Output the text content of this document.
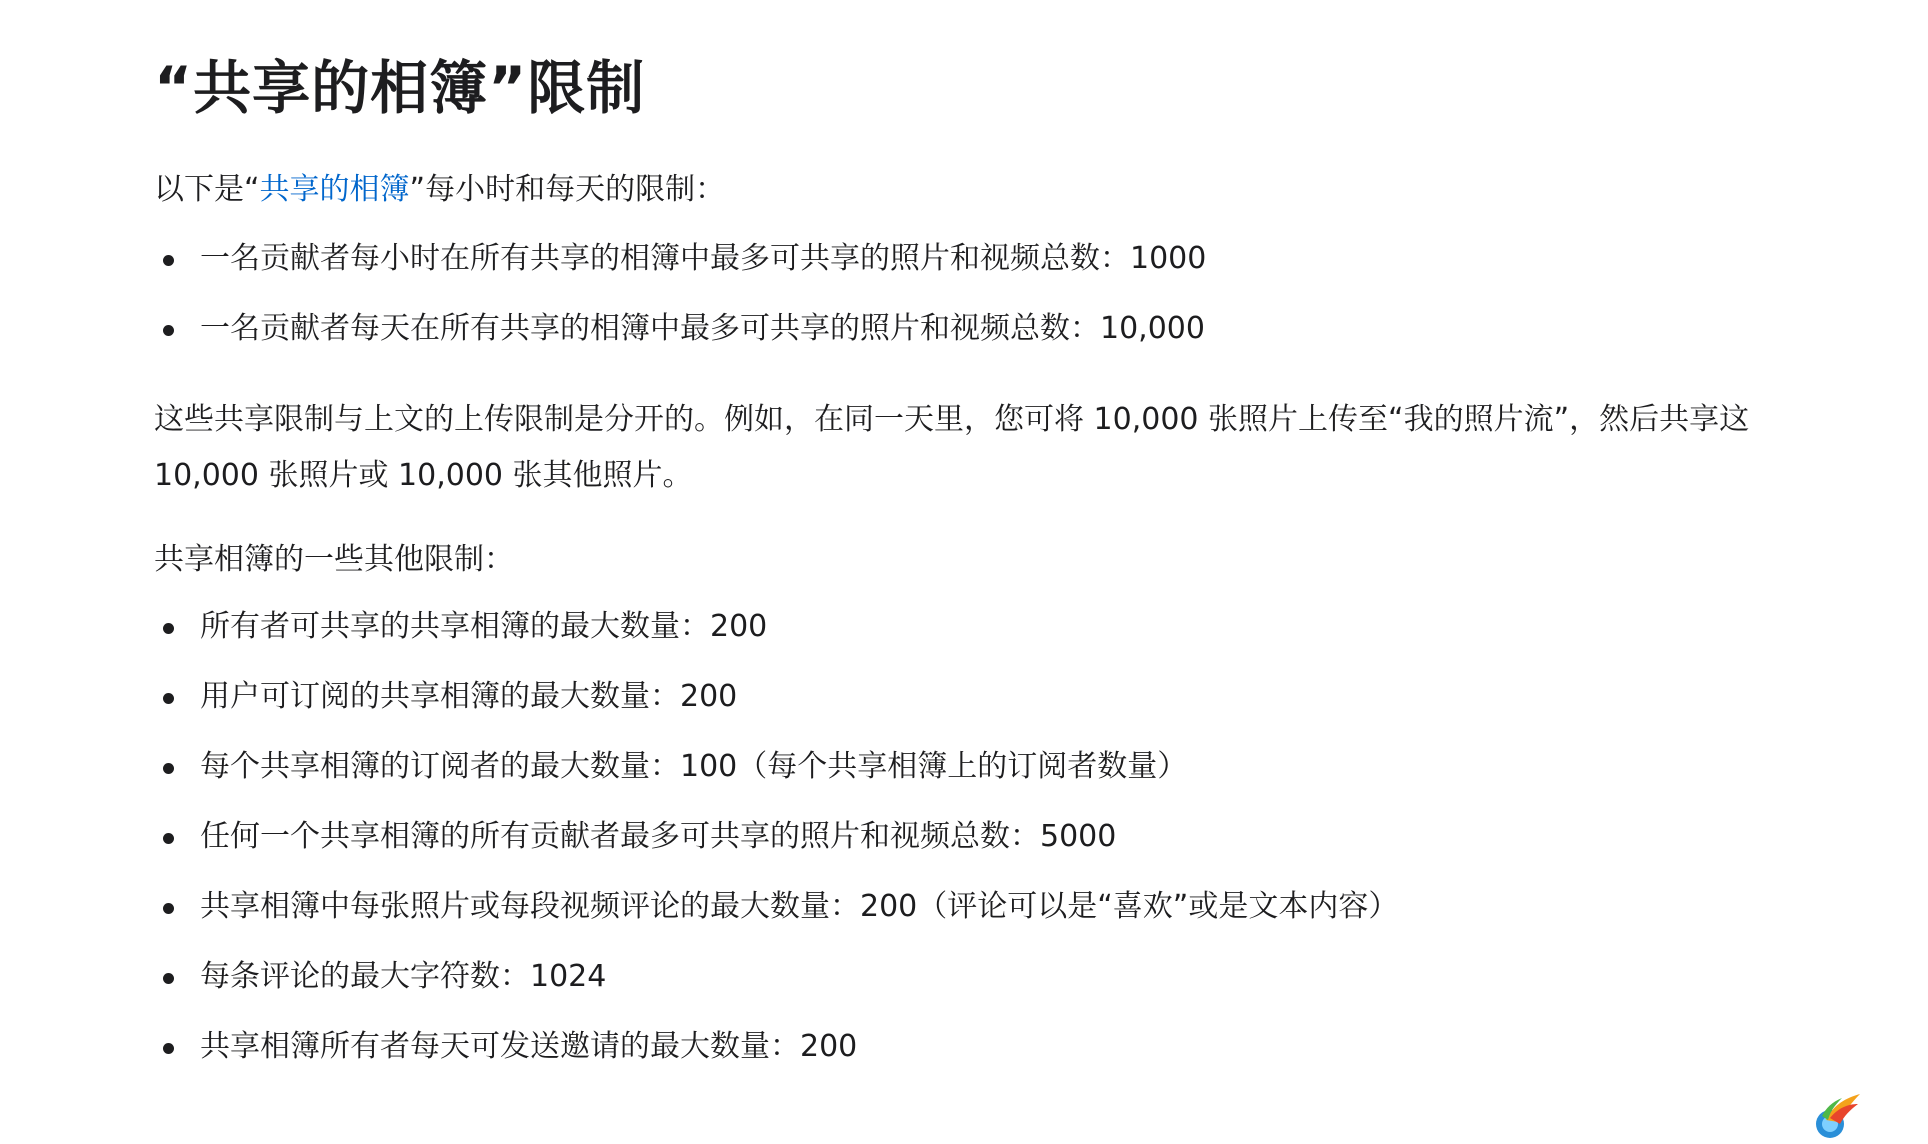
“共享的相簿”限制

以下是“共享的相簿”每小时和每天的限制：

一名贡献者每小时在所有共享的相簿中最多可共享的照片和视频总数：1000
一名贡献者每天在所有共享的相簿中最多可共享的照片和视频总数：10,000

这些共享限制与上文的上传限制是分开的。例如，在同一天里，您可将 10,000 张照片上传至“我的照片流”，然后共享这 10,000 张照片或 10,000 张其他照片。

共享相簿的一些其他限制：

所有者可共享的共享相簿的最大数量：200
用户可订阅的共享相簿的最大数量：200
每个共享相簿的订阅者的最大数量：100（每个共享相簿上的订阅者数量）
任何一个共享相簿的所有贡献者最多可共享的照片和视频总数：5000
共享相簿中每张照片或每段视频评论的最大数量：200（评论可以是“喜欢”或是文本内容）
每条评论的最大字符数：1024
共享相簿所有者每天可发送邀请的最大数量：200
